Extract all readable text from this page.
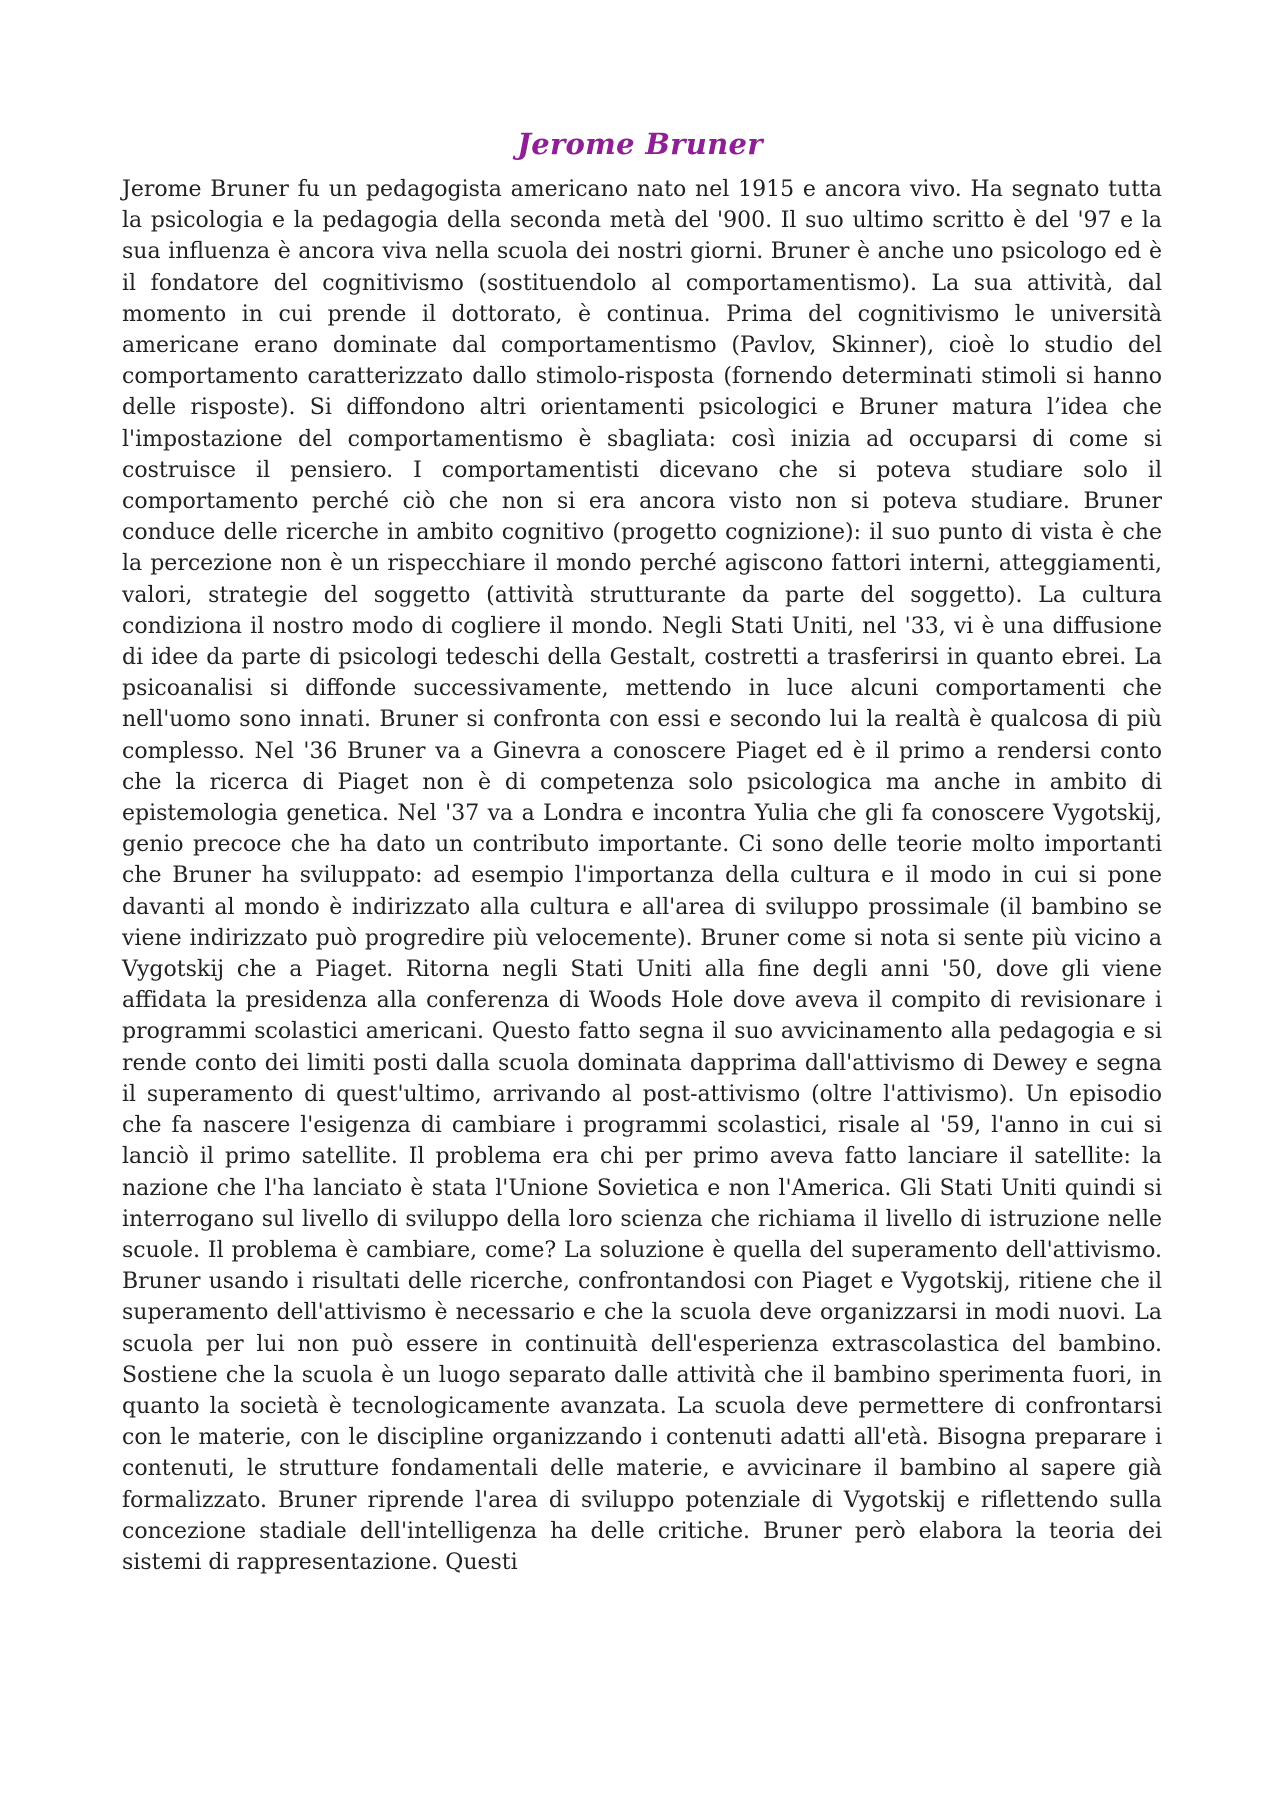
Jerome Bruner

Jerome Bruner fu un pedagogista americano nato nel 1915 e ancora vivo. Ha segnato tutta la psicologia e la pedagogia della seconda metà del '900. Il suo ultimo scritto è del '97 e la sua influenza è ancora viva nella scuola dei nostri giorni. Bruner è anche uno psicologo ed è il fondatore del cognitivismo (sostituendolo al comportamentismo). La sua attività, dal momento in cui prende il dottorato, è continua. Prima del cognitivismo le università americane erano dominate dal comportamentismo (Pavlov, Skinner), cioè lo studio del comportamento caratterizzato dallo stimolo-risposta (fornendo determinati stimoli si hanno delle risposte). Si diffondono altri orientamenti psicologici e Bruner matura l’idea che l'impostazione del comportamentismo è sbagliata: così inizia ad occuparsi di come si costruisce il pensiero. I comportamentisti dicevano che si poteva studiare solo il comportamento perché ciò che non si era ancora visto non si poteva studiare. Bruner conduce delle ricerche in ambito cognitivo (progetto cognizione): il suo punto di vista è che la percezione non è un rispecchiare il mondo perché agiscono fattori interni, atteggiamenti, valori, strategie del soggetto (attività strutturante da parte del soggetto). La cultura condiziona il nostro modo di cogliere il mondo. Negli Stati Uniti, nel '33, vi è una diffusione di idee da parte di psicologi tedeschi della Gestalt, costretti a trasferirsi in quanto ebrei. La psicoanalisi si diffonde successivamente, mettendo in luce alcuni comportamenti che nell'uomo sono innati. Bruner si confronta con essi e secondo lui la realtà è qualcosa di più complesso. Nel '36 Bruner va a Ginevra a conoscere Piaget ed è il primo a rendersi conto che la ricerca di Piaget non è di competenza solo psicologica ma anche in ambito di epistemologia genetica. Nel '37 va a Londra e incontra Yulia che gli fa conoscere Vygotskij, genio precoce che ha dato un contributo importante. Ci sono delle teorie molto importanti che Bruner ha sviluppato: ad esempio l'importanza della cultura e il modo in cui si pone davanti al mondo è indirizzato alla cultura e all'area di sviluppo prossimale (il bambino se viene indirizzato può progredire più velocemente). Bruner come si nota si sente più vicino a Vygotskij che a Piaget. Ritorna negli Stati Uniti alla fine degli anni '50, dove gli viene affidata la presidenza alla conferenza di Woods Hole dove aveva il compito di revisionare i programmi scolastici americani. Questo fatto segna il suo avvicinamento alla pedagogia e si rende conto dei limiti posti dalla scuola dominata dapprima dall'attivismo di Dewey e segna il superamento di quest'ultimo, arrivando al post-attivismo (oltre l'attivismo). Un episodio che fa nascere l'esigenza di cambiare i programmi scolastici, risale al '59, l'anno in cui si lanciò il primo satellite. Il problema era chi per primo aveva fatto lanciare il satellite: la nazione che l'ha lanciato è stata l'Unione Sovietica e non l'America. Gli Stati Uniti quindi si interrogano sul livello di sviluppo della loro scienza che richiama il livello di istruzione nelle scuole. Il problema è cambiare, come? La soluzione è quella del superamento dell'attivismo. Bruner usando i risultati delle ricerche, confrontandosi con Piaget e Vygotskij, ritiene che il superamento dell'attivismo è necessario e che la scuola deve organizzarsi in modi nuovi. La scuola per lui non può essere in continuità dell'esperienza extrascolastica del bambino. Sostiene che la scuola è un luogo separato dalle attività che il bambino sperimenta fuori, in quanto la società è tecnologicamente avanzata. La scuola deve permettere di confrontarsi con le materie, con le discipline organizzando i contenuti adatti all'età. Bisogna preparare i contenuti, le strutture fondamentali delle materie, e avvicinare il bambino al sapere già formalizzato. Bruner riprende l'area di sviluppo potenziale di Vygotskij e riflettendo sulla concezione stadiale dell'intelligenza ha delle critiche. Bruner però elabora la teoria dei sistemi di rappresentazione. Questi
